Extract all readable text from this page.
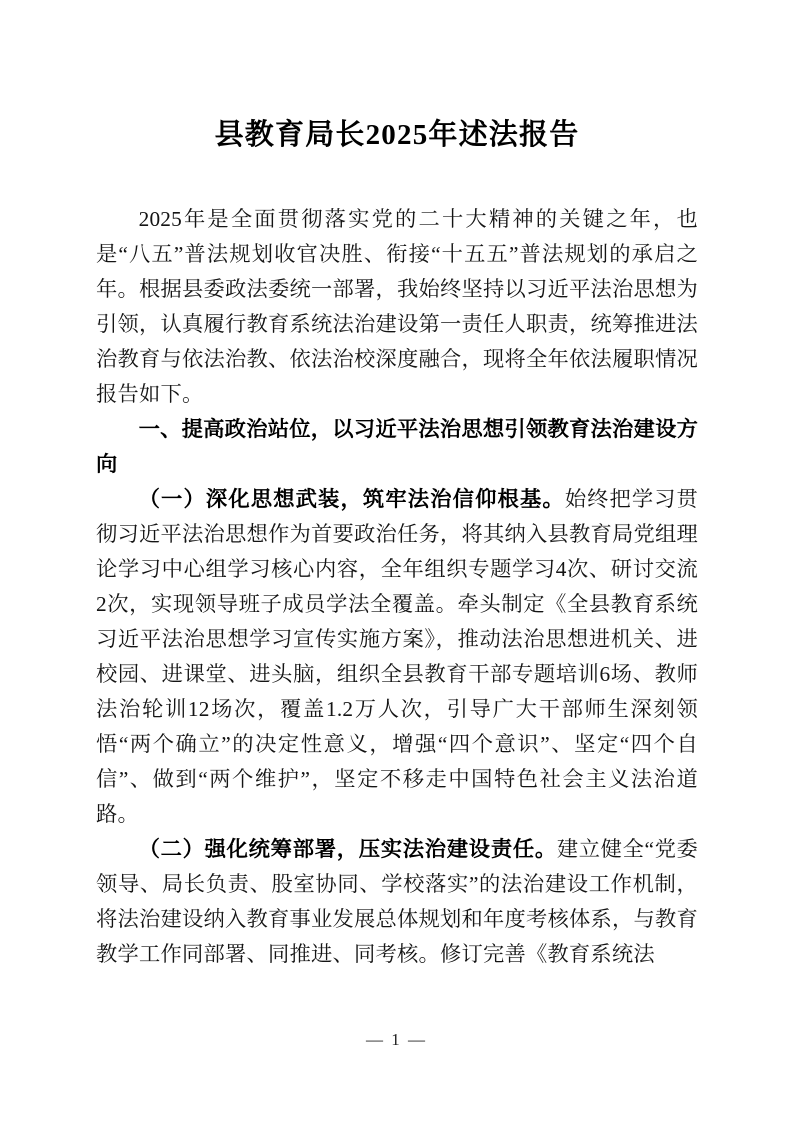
县教育局长2025年述法报告

2025年是全面贯彻落实党的二十大精神的关键之年，也是“八五”普法规划收官决胜、衔接“十五五”普法规划的承启之年。根据县委政法委统一部署，我始终坚持以习近平法治思想为引领，认真履行教育系统法治建设第一责任人职责，统筹推进法治教育与依法治教、依法治校深度融合，现将全年依法履职情况报告如下。

一、提高政治站位，以习近平法治思想引领教育法治建设方向

（一）深化思想武装，筑牢法治信仰根基。始终把学习贯彻习近平法治思想作为首要政治任务，将其纳入县教育局党组理论学习中心组学习核心内容，全年组织专题学习4次、研讨交流2次，实现领导班子成员学法全覆盖。牵头制定《全县教育系统习近平法治思想学习宣传实施方案》，推动法治思想进机关、进校园、进课堂、进头脑，组织全县教育干部专题培训6场、教师法治轮训12场次，覆盖1.2万人次，引导广大干部师生深刻领悟“两个确立”的决定性意义，增强“四个意识”、坚定“四个自信”、做到“两个维护”，坚定不移走中国特色社会主义法治道路。

（二）强化统筹部署，压实法治建设责任。建立健全“党委领导、局长负责、股室协同、学校落实”的法治建设工作机制，将法治建设纳入教育事业发展总体规划和年度考核体系，与教育教学工作同部署、同推进、同考核。修订完善《教育系统法

— 1 —
